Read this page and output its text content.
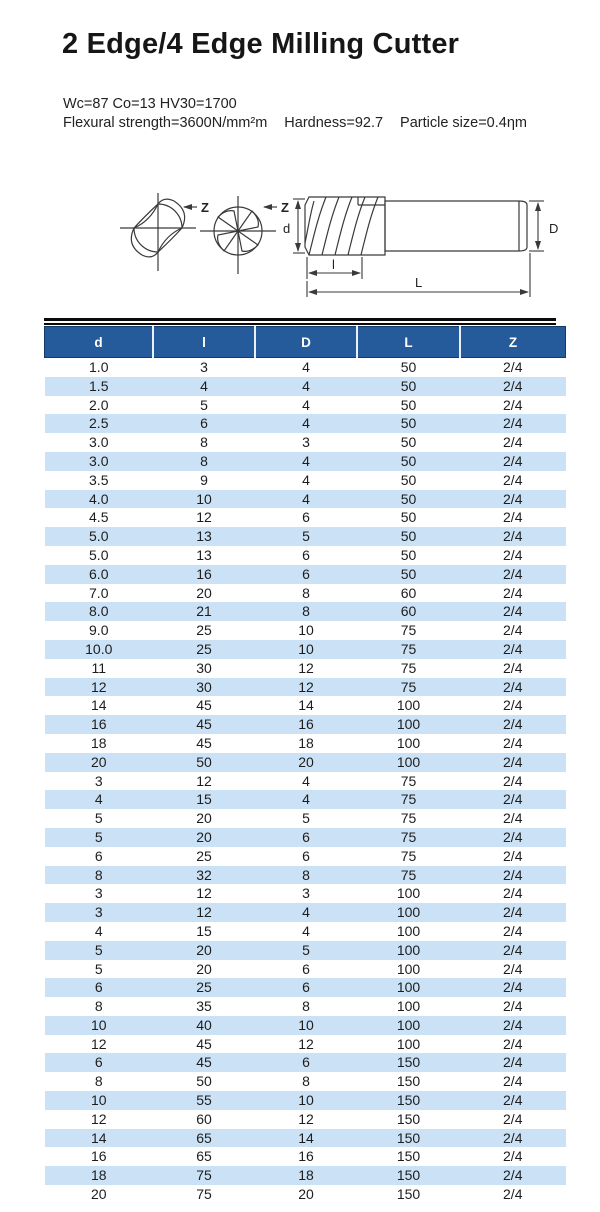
2 Edge/4 Edge Milling Cutter
Wc=87 Co=13 HV30=1700
Flexural strength=3600N/mm²m Hardness=92.7 Particle size=0.4ηm
Z	Z
d	D
l
L
d	l	D	L	Z
1.0	3	4	50	2/4
1.5	4	4	50	2/4
2.0	5	4	50	2/4
2.5	6	4	50	2/4
3.0	8	3	50	2/4
3.0	8	4	50	2/4
3.5	9	4	50	2/4
4.0	10	4	50	2/4
4.5	12	6	50	2/4
5.0	13	5	50	2/4
5.0	13	6	50	2/4
6.0	16	6	50	2/4
7.0	20	8	60	2/4
8.0	21	8	60	2/4
9.0	25	10	75	2/4
10.0	25	10	75	2/4
11	30	12	75	2/4
12	30	12	75	2/4
14	45	14	100	2/4
16	45	16	100	2/4
18	45	18	100	2/4
20	50	20	100	2/4
3	12	4	75	2/4
4	15	4	75	2/4
5	20	5	75	2/4
5	20	6	75	2/4
6	25	6	75	2/4
8	32	8	75	2/4
3	12	3	100	2/4
3	12	4	100	2/4
4	15	4	100	2/4
5	20	5	100	2/4
5	20	6	100	2/4
6	25	6	100	2/4
8	35	8	100	2/4
10	40	10	100	2/4
12	45	12	100	2/4
6	45	6	150	2/4
8	50	8	150	2/4
10	55	10	150	2/4
12	60	12	150	2/4
14	65	14	150	2/4
16	65	16	150	2/4
18	75	18	150	2/4
20	75	20	150	2/4
